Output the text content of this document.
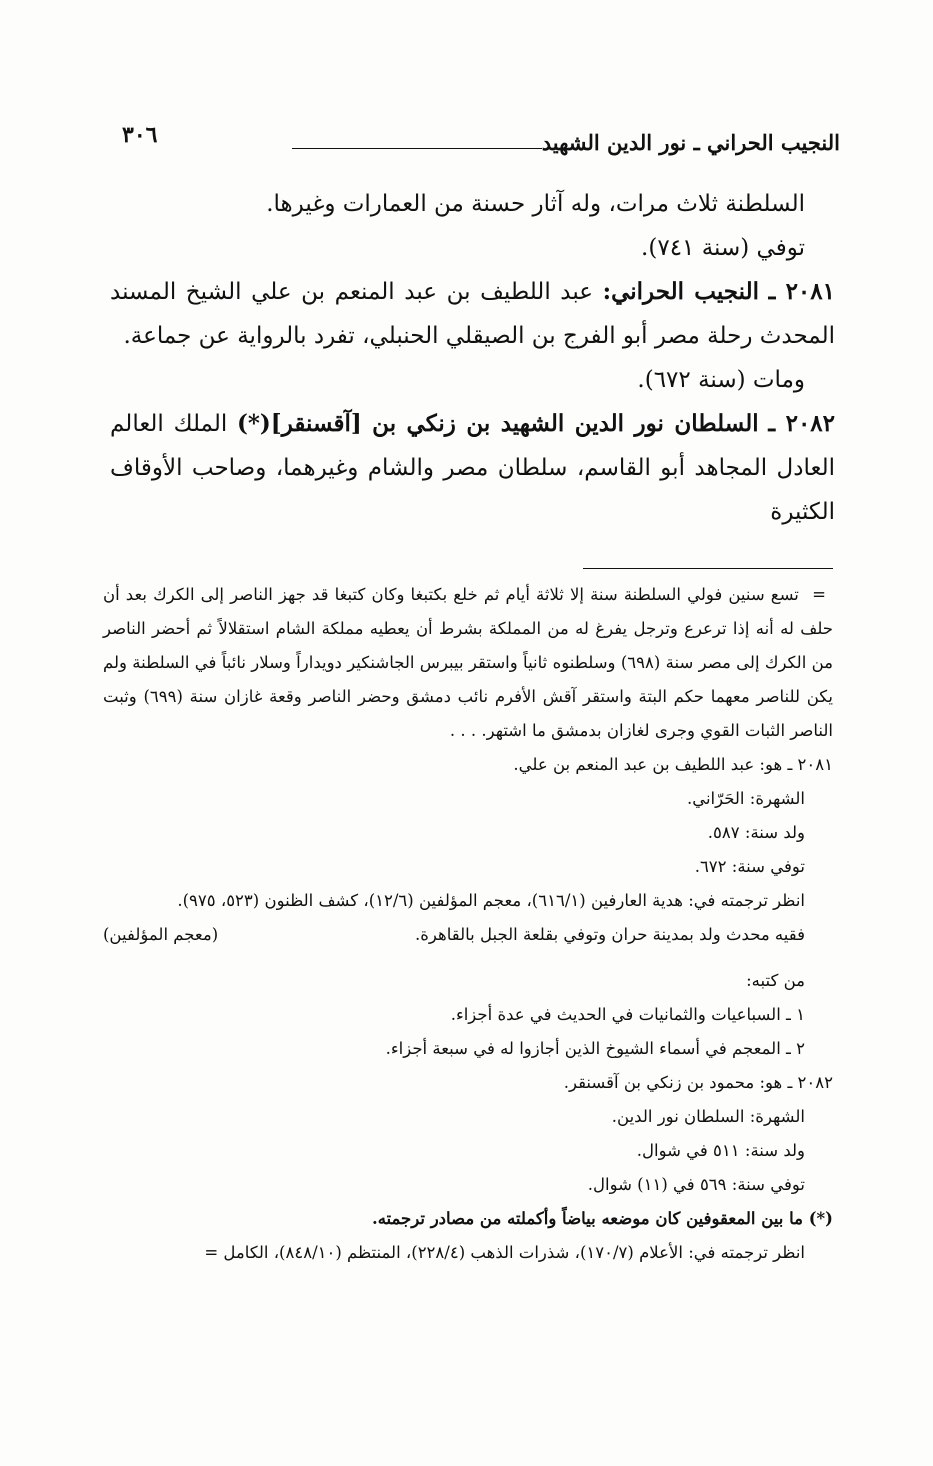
٣٠٦	النجيب الحراني ـ نور الدين الشهيد

السلطنة ثلاث مرات، وله آثار حسنة من العمارات وغيرها.

توفي (سنة ٧٤١).

٢٠٨١ ـ النجيب الحراني: عبد اللطيف بن عبد المنعم بن علي الشيخ المسند المحدث رحلة مصر أبو الفرج بن الصيقلي الحنبلي، تفرد بالرواية عن جماعة.

ومات (سنة ٦٧٢).

٢٠٨٢ ـ السلطان نور الدين الشهيد بن زنكي بن [آقسنقر](*) الملك العالم العادل المجاهد أبو القاسم، سلطان مصر والشام وغيرهما، وصاحب الأوقاف الكثيرة

= تسع سنين فولي السلطنة سنة إلا ثلاثة أيام ثم خلع بكتبغا وكان كتبغا قد جهز الناصر إلى الكرك بعد أن حلف له أنه إذا ترعرع وترجل يفرغ له من المملكة بشرط أن يعطيه مملكة الشام استقلالاً ثم أحضر الناصر من الكرك إلى مصر سنة (٦٩٨) وسلطنوه ثانياً واستقر بيبرس الجاشنكير دويداراً وسلار نائباً في السلطنة ولم يكن للناصر معهما حكم البتة واستقر آقش الأفرم نائب دمشق وحضر الناصر وقعة غازان سنة (٦٩٩) وثبت الناصر الثبات القوي وجرى لغازان بدمشق ما اشتهر. . . .

٢٠٨١ ـ هو: عبد اللطيف بن عبد المنعم بن علي.

الشهرة: الحَرّاني.

ولد سنة: ٥٨٧.

توفي سنة: ٦٧٢.

انظر ترجمته في: هدية العارفين (٦١٦/١)، معجم المؤلفين (١٢/٦)، كشف الظنون (٥٢٣، ٩٧٥).

فقيه محدث ولد بمدينة حران وتوفي بقلعة الجبل بالقاهرة.
(معجم المؤلفين)

من كتبه:

١ ـ السباعيات والثمانيات في الحديث في عدة أجزاء.

٢ ـ المعجم في أسماء الشيوخ الذين أجازوا له في سبعة أجزاء.

٢٠٨٢ ـ هو: محمود بن زنكي بن آقسنقر.

الشهرة: السلطان نور الدين.

ولد سنة: ٥١١ في شوال.

توفي سنة: ٥٦٩ في (١١) شوال.

(*) ما بين المعقوفين كان موضعه بياضاً وأكملته من مصادر ترجمته.

انظر ترجمته في: الأعلام (١٧٠/٧)، شذرات الذهب (٢٢٨/٤)، المنتظم (٨٤٨/١٠)، الكامل =
